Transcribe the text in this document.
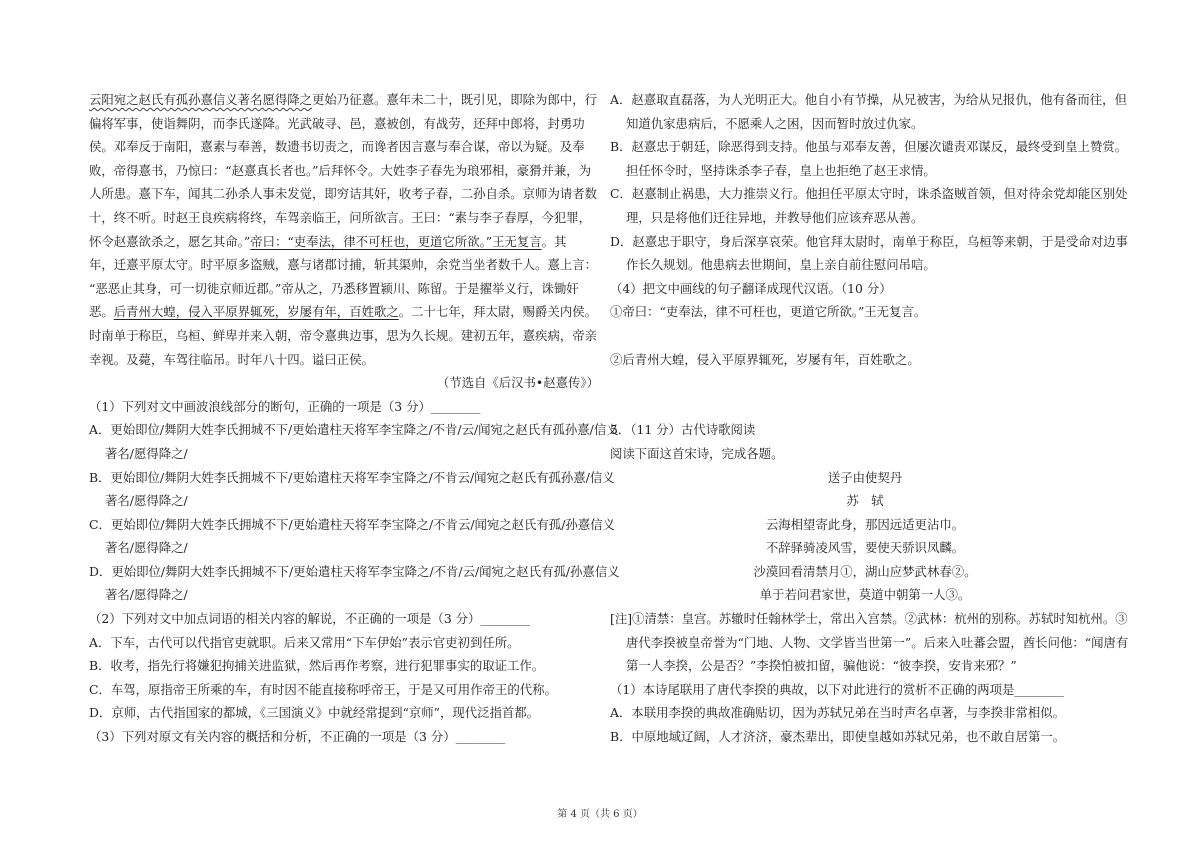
云阳宛之赵氏有孤孙憙信义著名愿得降之更始乃征憙。憙年未二十，既引见，即除为郎中，行
偏将军事，使诣舞阴，而李氏遂降。光武破寻、邑，憙被创，有战劳，还拜中郎将，封勇功
侯。邓奉反于南阳，憙素与奉善，数遗书切责之，而谗者因言憙与奉合谋，帝以为疑。及奉
败，帝得憙书，乃惊曰：“赵憙真长者也。”后拜怀令。大姓李子春先为琅邪相，豪猾并兼，为
人所患。憙下车，闻其二孙杀人事未发觉，即穷诘其奸，收考子春，二孙自杀。京师为请者数
十，终不听。时赵王良疾病将终，车驾亲临王，问所欲言。王曰：“素与李子春厚，今犯罪，
怀令赵憙欲杀之，愿乞其命。”帝曰：“吏奉法，律不可枉也，更道它所欲。”王无复言。其
年，迁憙平原太守。时平原多盗贼，憙与诸郡讨捕，斩其渠帅，余党当坐者数千人。憙上言：
“恶恶止其身，可一切徙京师近郡。”帝从之，乃悉移置颍川、陈留。于是擢举义行，诛锄奸
恶。后青州大蝗，侵入平原界辄死，岁屡有年，百姓歌之。二十七年，拜太尉，赐爵关内侯。
时南单于称臣，乌桓、鲜卑并来入朝，帝令憙典边事，思为久长规。建初五年，憙疾病，帝亲
幸视。及薨，车驾往临吊。时年八十四。谥曰正侯。
（节选自《后汉书•赵憙传》）
（1）下列对文中画波浪线部分的断句，正确的一项是（3 分）________
A．更始即位/舞阴大姓李氏拥城不下/更始遣柱天将军李宝降之/不肯/云/闻宛之赵氏有孤孙憙/信义
著名/愿得降之/
B．更始即位/舞阴大姓李氏拥城不下/更始遣柱天将军李宝降之/不肯云/闻宛之赵氏有孤孙憙/信义
著名/愿得降之/
C．更始即位/舞阴大姓李氏拥城不下/更始遣柱天将军李宝降之/不肯云/闻宛之赵氏有孤/孙憙信义
著名/愿得降之/
D．更始即位/舞阴大姓李氏拥城不下/更始遣柱天将军李宝降之/不肯/云/闻宛之赵氏有孤/孙憙信义
著名/愿得降之/
（2）下列对文中加点词语的相关内容的解说，不正确的一项是（3 分）________
A．下车，古代可以代指官吏就职。后来又常用“下车伊始”表示官吏初到任所。
B．收考，指先行将嫌犯拘捕关进监狱，然后再作考察，进行犯罪事实的取证工作。
C．车驾，原指帝王所乘的车，有时因不能直接称呼帝王，于是又可用作帝王的代称。
D．京师，古代指国家的都城，《三国演义》中就经常提到“京师”，现代泛指首都。
（3）下列对原文有关内容的概括和分析，不正确的一项是（3 分）________
A．赵憙取直磊落，为人光明正大。他自小有节操，从兄被害，为给从兄报仇，他有备而往，但
知道仇家患病后，不愿乘人之困，因而暂时放过仇家。
B．赵憙忠于朝廷，除恶得到支持。他虽与邓奉友善，但屡次谴责邓谋反，最终受到皇上赞赏。
担任怀令时，坚持诛杀李子春，皇上也拒绝了赵王求情。
C．赵憙制止祸患，大力推崇义行。他担任平原太守时，诛杀盗贼首领，但对待余党却能区别处
理，只是将他们迁往异地，并教导他们应该弃恶从善。
D．赵憙忠于职守，身后深享哀荣。他官拜太尉时，南单于称臣，乌桓等来朝，于是受命对边事
作长久规划。他患病去世期间，皇上亲自前往慰问吊唁。
（4）把文中画线的句子翻译成现代汉语。（10 分）
①帝曰：“吏奉法，律不可枉也，更道它所欲。”王无复言。
②后青州大蝗，侵入平原界辄死，岁屡有年，百姓歌之。
5．（11 分）古代诗歌阅读
阅读下面这首宋诗，完成各题。
送子由使契丹
苏　轼
云海相望寄此身，那因远适更沾巾。
不辞驿骑凌风雪，要使天骄识凤麟。
沙漠回看清禁月①，湖山应梦武林春②。
单于若问君家世，莫道中朝第一人③。
[注]①清禁：皇宫。苏辙时任翰林学士，常出入宫禁。②武林：杭州的别称。苏轼时知杭州。③
唐代李揆被皇帝誉为“门地、人物、文学皆当世第一”。后来入吐蕃会盟，酋长问他：“闻唐有
第一人李揆，公是否？”李揆怕被扣留，骗他说：“彼李揆，安肯来邪？”
（1）本诗尾联用了唐代李揆的典故，以下对此进行的赏析不正确的两项是________
A．本联用李揆的典故准确贴切，因为苏轼兄弟在当时声名卓著，与李揆非常相似。
B．中原地域辽阔，人才济济，豪杰辈出，即使皇越如苏轼兄弟，也不敢自居第一。
第 4 页（共 6 页）
